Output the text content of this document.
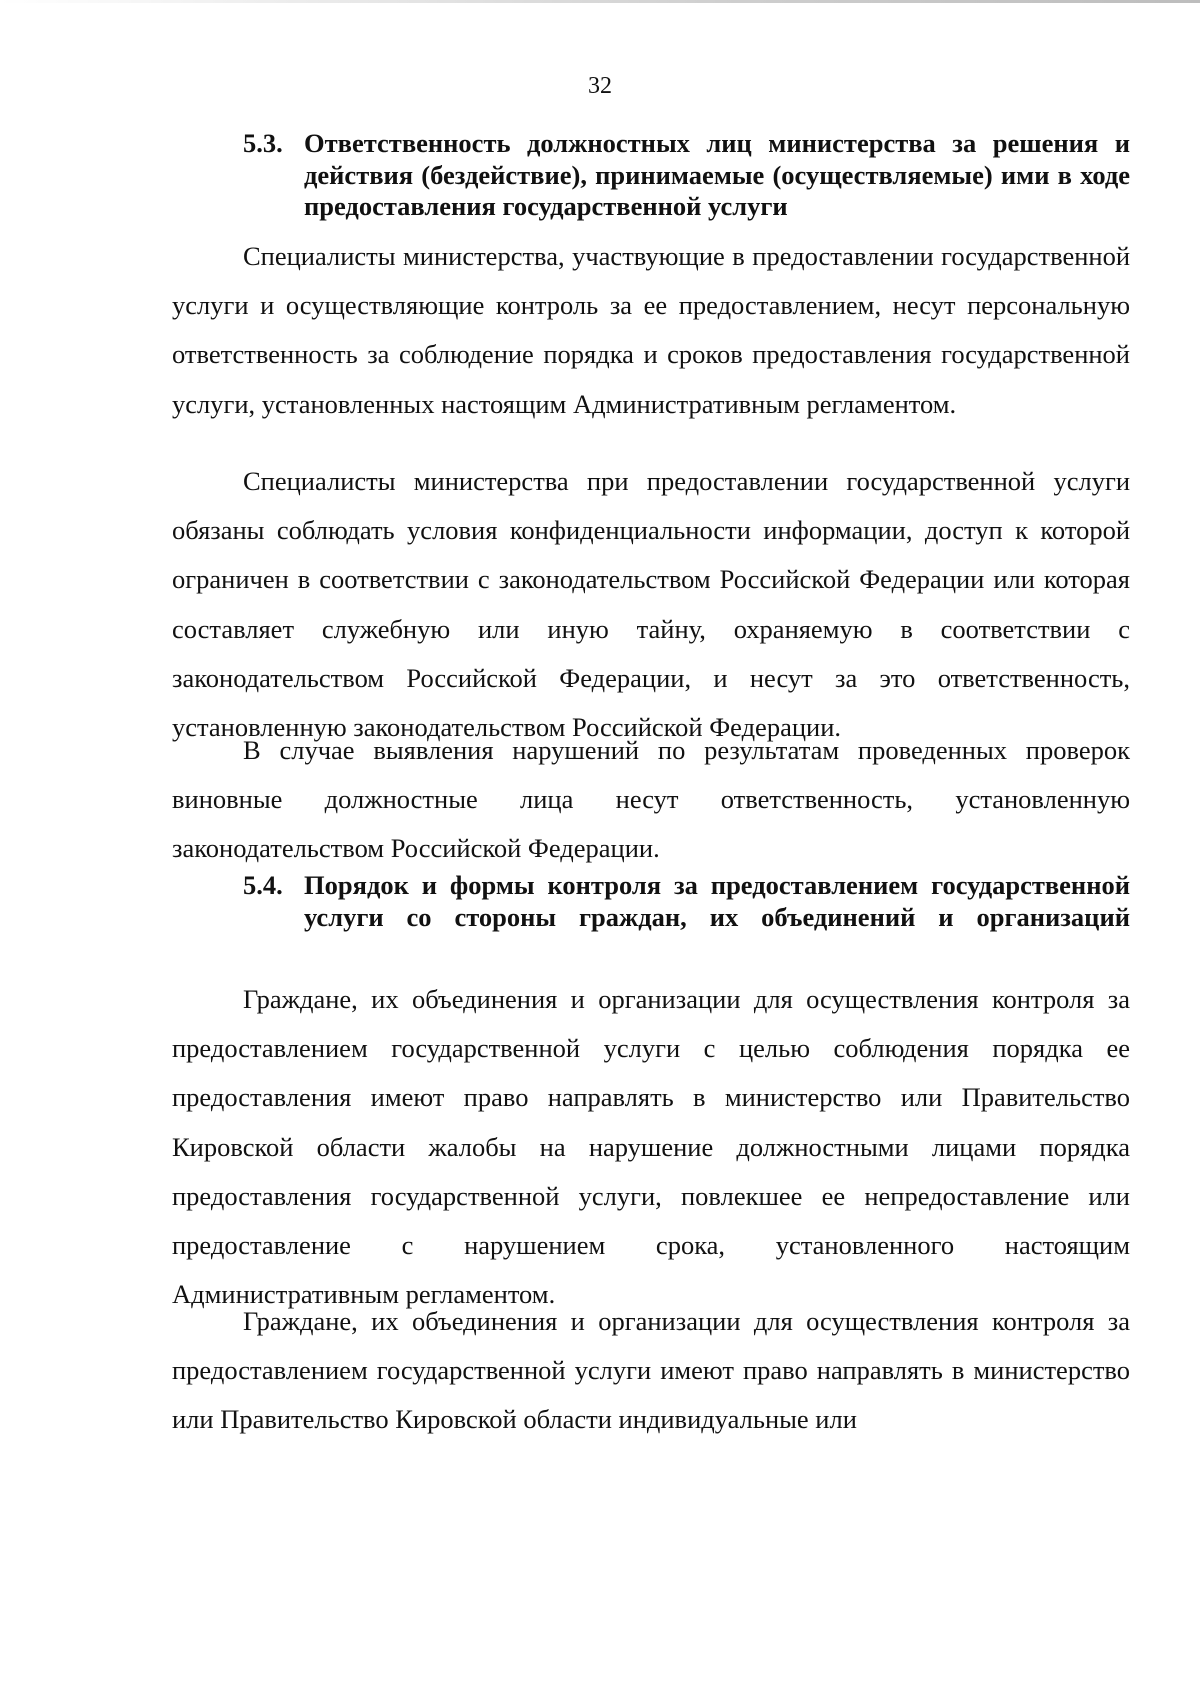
32
5.3. Ответственность должностных лиц министерства за решения и действия (бездействие), принимаемые (осуществляемые) ими в ходе предоставления государственной услуги
Специалисты министерства, участвующие в предоставлении государственной услуги и осуществляющие контроль за ее предоставлением, несут персональную ответственность за соблюдение порядка и сроков предоставления государственной услуги, установленных настоящим Административным регламентом.
Специалисты министерства при предоставлении государственной услуги обязаны соблюдать условия конфиденциальности информации, доступ к которой ограничен в соответствии с законодательством Российской Федерации или которая составляет служебную или иную тайну, охраняемую в соответствии с законодательством Российской Федерации, и несут за это ответственность, установленную законодательством Российской Федерации.
В случае выявления нарушений по результатам проведенных проверок виновные должностные лица несут ответственность, установленную законодательством Российской Федерации.
5.4. Порядок и формы контроля за предоставлением государственной услуги со стороны граждан, их объединений и организаций
Граждане, их объединения и организации для осуществления контроля за предоставлением государственной услуги с целью соблюдения порядка ее предоставления имеют право направлять в министерство или Правительство Кировской области жалобы на нарушение должностными лицами порядка предоставления государственной услуги, повлекшее ее непредоставление или предоставление с нарушением срока, установленного настоящим Административным регламентом.
Граждане, их объединения и организации для осуществления контроля за предоставлением государственной услуги имеют право направлять в министерство или Правительство Кировской области индивидуальные или
